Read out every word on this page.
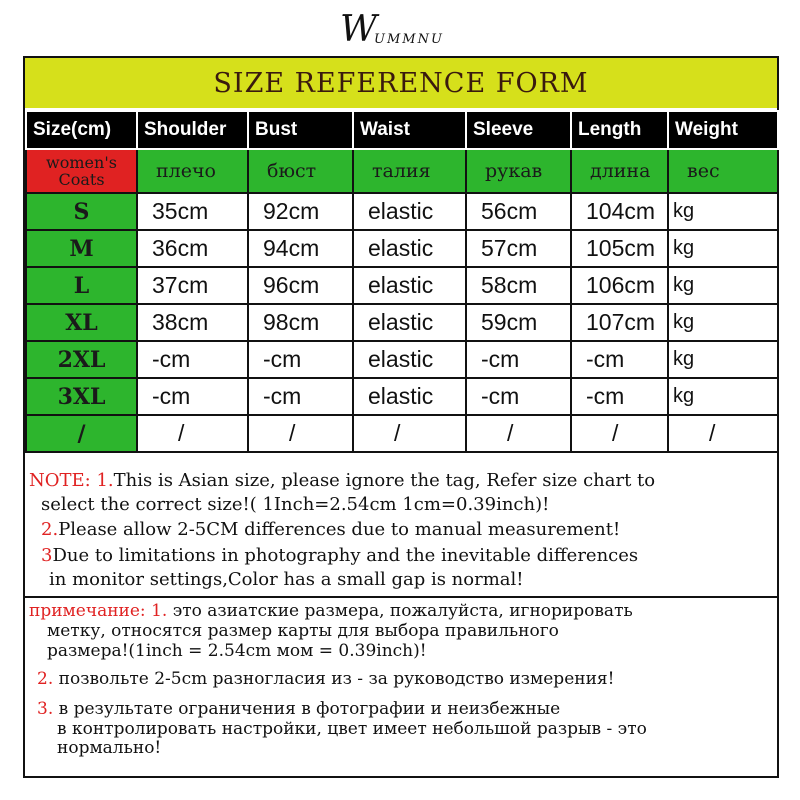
W
UMMNU
SIZE REFERENCE FORM
Size(cm)	Shoulder	Bust	Waist	Sleeve	Length	Weight
women's Coats	плечо	бюст	талия	рукав	длина	вес
S	35cm	92cm	elastic	56cm	104cm	kg
M	36cm	94cm	elastic	57cm	105cm	kg
L	37cm	96cm	elastic	58cm	106cm	kg
XL	38cm	98cm	elastic	59cm	107cm	kg
2XL	-cm	-cm	elastic	-cm	-cm	kg
3XL	-cm	-cm	elastic	-cm	-cm	kg
/	/	/	/	/	/	/
NOTE: 1.This is Asian size, please ignore the tag, Refer size chart to
select the correct size!( 1Inch=2.54cm 1cm=0.39inch)!
2.Please allow 2-5CM differences due to manual measurement!
3Due to limitations in photography and the inevitable differences
in monitor settings,Color has a small gap is normal!
примечание: 1. это азиатские размера, пожалуйста, игнорировать
метку, относятся размер карты для выбора правильного
размера!(1inch = 2.54cm мом = 0.39inch)!
2. позвольте 2-5cm разногласия из - за руководство измерения!
3. в результате ограничения в фотографии и неизбежные
в контролировать настройки, цвет имеет небольшой разрыв - это
нормально!
